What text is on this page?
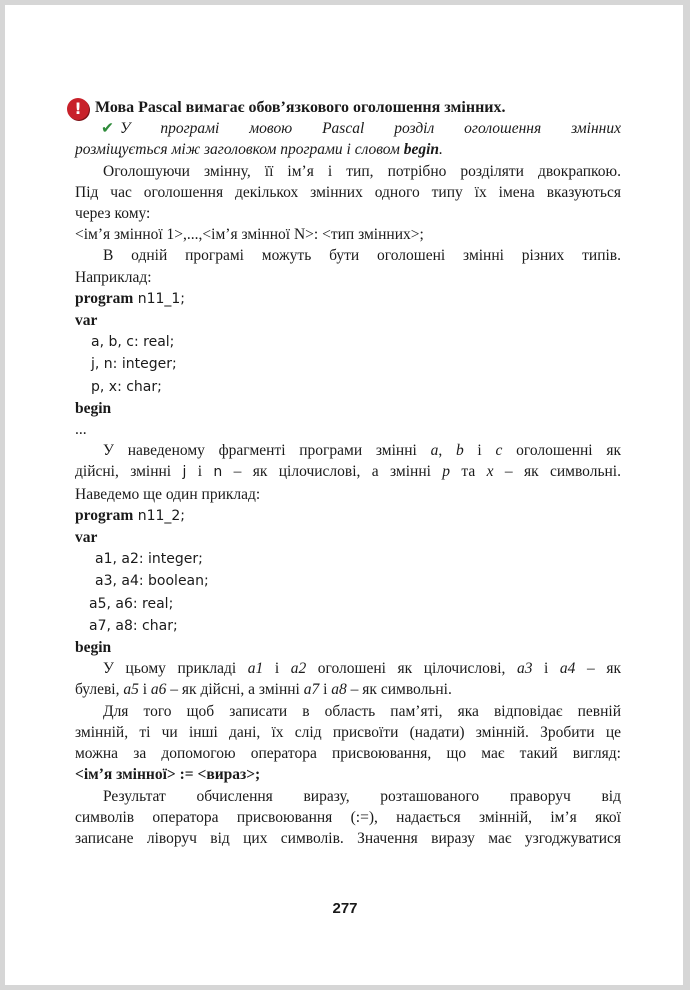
! Мова Pascal вимагає обов’язкового оголошення змінних.

✔ У програмі мовою Pascal розділ оголошення змінних

розміщується між заголовком програми і словом begin.

Оголошуючи змінну, її ім’я і тип, потрібно розділяти двокрапкою.

Під час оголошення декількох змінних одного типу їх імена вказуються

через кому:

<ім’я змінної 1>,...,<ім’я змінної N>: <тип змінних>;

В одній програмі можуть бути оголошені змінні різних типів.

Наприклад:

program n11_1;

var

a, b, c: real;

j, n: integer;

p, x: char;

begin

...

У наведеному фрагменті програми змінні a, b і c оголошенні як

дійсні, змінні j і n – як цілочислові, а змінні p та x – як символьні.

Наведемо ще один приклад:

program n11_2;

var

a1, a2: integer;

a3, a4: boolean;

a5, a6: real;

a7, a8: char;

begin

У цьому прикладі a1 і a2 оголошені як цілочислові, a3 і a4 – як

булеві, a5 і a6 – як дійсні, а змінні a7 і a8 – як символьні.

Для того щоб записати в область пам’яті, яка відповідає певній

змінній, ті чи інші дані, їх слід присвоїти (надати) змінній. Зробити це

можна за допомогою оператора присвоювання, що має такий вигляд:

<ім’я змінної> := <вираз>;

Результат обчислення виразу, розташованого праворуч від

символів оператора присвоювання (:=), надається змінній, ім’я якої

записане ліворуч від цих символів. Значення виразу має узгоджуватися

277
